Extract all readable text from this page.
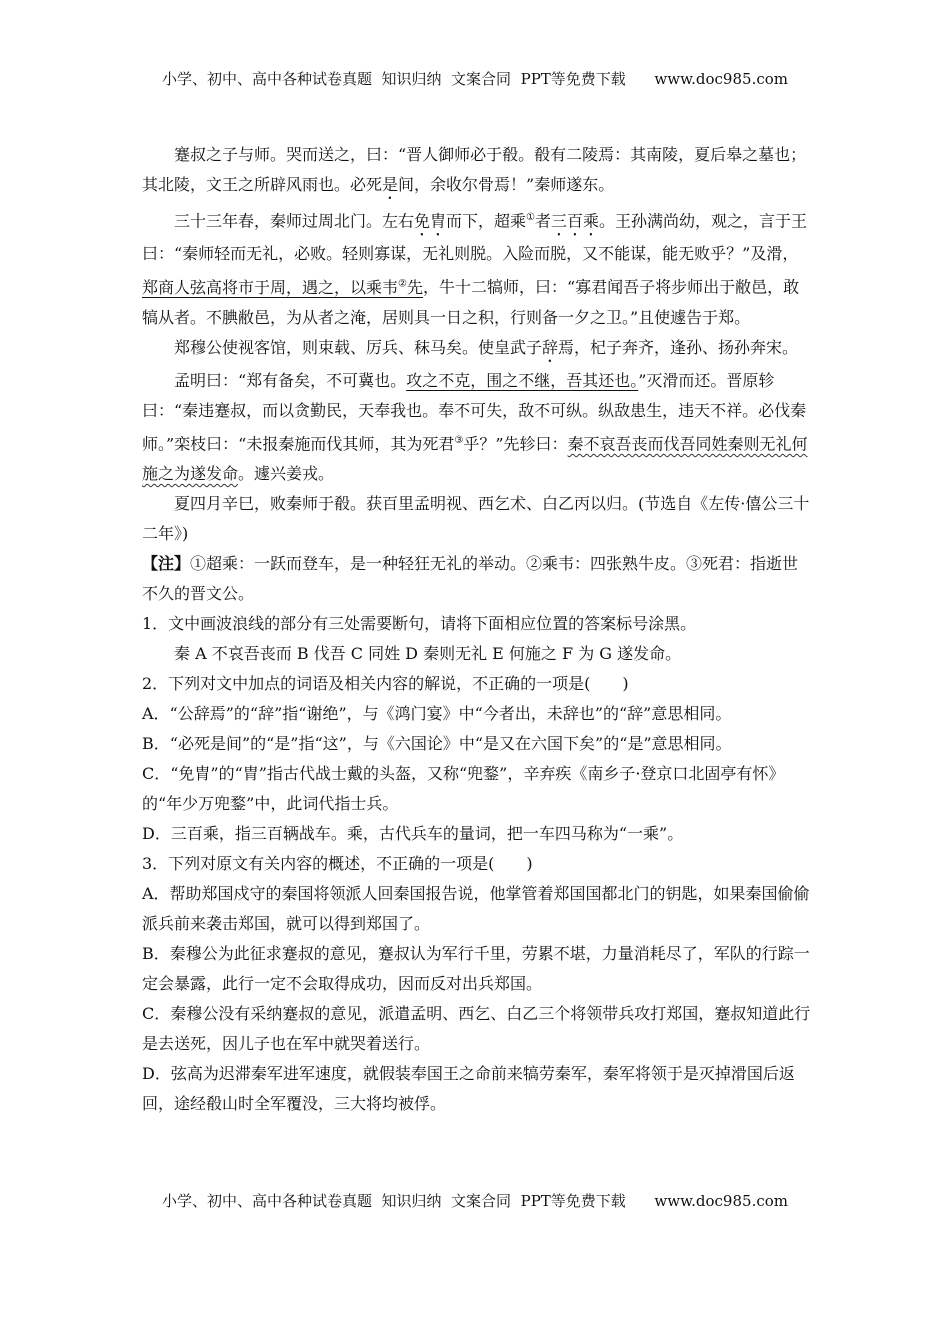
小学、初中、高中各种试卷真题  知识归纳  文案合同  PPT等免费下载      www.doc985.com

蹇叔之子与师。哭而送之，曰：“晋人御师必于殽。殽有二陵焉：其南陵，夏后皋之墓也；其北陵，文王之所辟风雨也。必死是间，余收尔骨焉！”秦师遂东。

三十三年春，秦师过周北门。左右免胄而下，超乘①者三百乘。王孙满尚幼，观之，言于王曰：“秦师轻而无礼，必败。轻则寡谋，无礼则脱。入险而脱，又不能谋，能无败乎？”及滑，郑商人弦高将市于周，遇之，以乘韦②先，牛十二犒师，曰：“寡君闻吾子将步师出于敝邑，敢犒从者。不腆敝邑，为从者之淹，居则具一日之积，行则备一夕之卫。”且使遽告于郑。

郑穆公使视客馆，则束载、厉兵、秣马矣。使皇武子辞焉，杞子奔齐，逢孙、扬孙奔宋。

孟明曰：“郑有备矣，不可冀也。攻之不克，围之不继，吾其还也。”灭滑而还。晋原轸曰：“秦违蹇叔，而以贪勤民，天奉我也。奉不可失，敌不可纵。纵敌患生，违天不祥。必伐秦师。”栾枝曰：“未报秦施而伐其师，其为死君③乎？”先轸曰：秦不哀吾丧而伐吾同姓秦则无礼何施之为遂发命。遽兴姜戎。

夏四月辛巳，败秦师于殽。获百里孟明视、西乞术、白乙丙以归。(节选自《左传·僖公三十二年》)

【注】①超乘：一跃而登车，是一种轻狂无礼的举动。②乘韦：四张熟牛皮。③死君：指逝世不久的晋文公。

1．文中画波浪线的部分有三处需要断句，请将下面相应位置的答案标号涂黑。

秦 A 不哀吾丧而 B 伐吾 C 同姓 D 秦则无礼 E 何施之 F 为 G 遂发命。

2．下列对文中加点的词语及相关内容的解说，不正确的一项是(　　)

A．“公辞焉”的“辞”指“谢绝”，与《鸿门宴》中“今者出，未辞也”的“辞”意思相同。

B．“必死是间”的“是”指“这”，与《六国论》中“是又在六国下矣”的“是”意思相同。

C．“免胄”的“胄”指古代战士戴的头盔，又称“兜鍪”，辛弃疾《南乡子·登京口北固亭有怀》的“年少万兜鍪”中，此词代指士兵。

D．三百乘，指三百辆战车。乘，古代兵车的量词，把一车四马称为“一乘”。

3．下列对原文有关内容的概述，不正确的一项是(　　)

A．帮助郑国戍守的秦国将领派人回秦国报告说，他掌管着郑国国都北门的钥匙，如果秦国偷偷派兵前来袭击郑国，就可以得到郑国了。

B．秦穆公为此征求蹇叔的意见，蹇叔认为军行千里，劳累不堪，力量消耗尽了，军队的行踪一定会暴露，此行一定不会取得成功，因而反对出兵郑国。

C．秦穆公没有采纳蹇叔的意见，派遣孟明、西乞、白乙三个将领带兵攻打郑国，蹇叔知道此行是去送死，因儿子也在军中就哭着送行。

D．弦高为迟滞秦军进军速度，就假装奉国王之命前来犒劳秦军，秦军将领于是灭掉滑国后返回，途经殽山时全军覆没，三大将均被俘。

小学、初中、高中各种试卷真题  知识归纳  文案合同  PPT等免费下载      www.doc985.com
